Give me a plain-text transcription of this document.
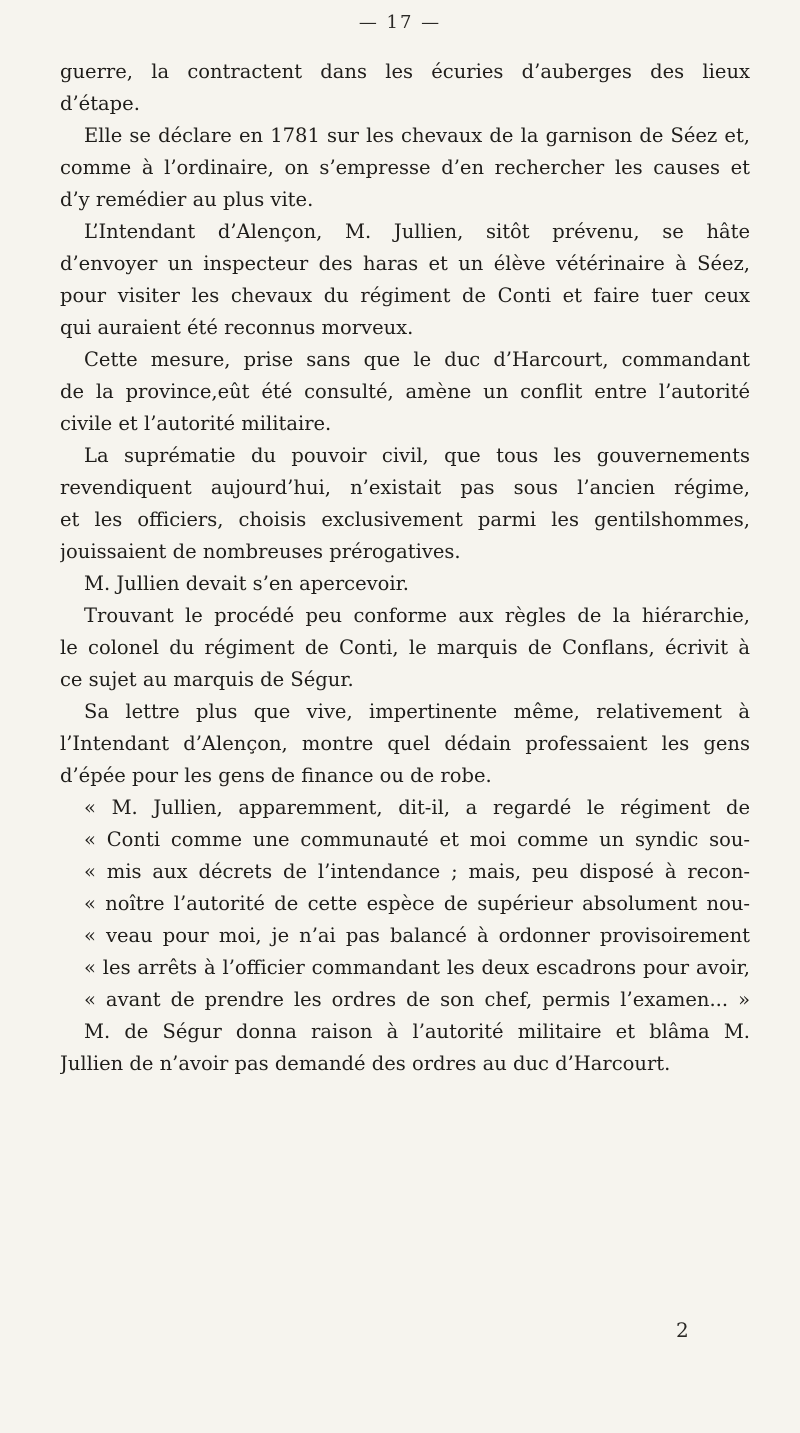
— 17 —
guerre, la contractent dans les écuries d’auberges des lieux
d’étape.
Elle se déclare en 1781 sur les chevaux de la garnison de Séez et,
comme à l’ordinaire, on s’empresse d’en rechercher les causes et
d’y remédier au plus vite.
L’Intendant d’Alençon, M. Jullien, sitôt prévenu, se hâte
d’envoyer un inspecteur des haras et un élève vétérinaire à Séez,
pour visiter les chevaux du régiment de Conti et faire tuer ceux
qui auraient été reconnus morveux.
Cette mesure, prise sans que le duc d’Harcourt, commandant
de la province,eût été consulté, amène un conflit entre l’autorité
civile et l’autorité militaire.
La suprématie du pouvoir civil, que tous les gouvernements
revendiquent aujourd’hui, n’existait pas sous l’ancien régime,
et les officiers, choisis exclusivement parmi les gentilshommes,
jouissaient de nombreuses prérogatives.
M. Jullien devait s’en apercevoir.
Trouvant le procédé peu conforme aux règles de la hiérarchie,
le colonel du régiment de Conti, le marquis de Conflans, écrivit à
ce sujet au marquis de Ségur.
Sa lettre plus que vive, impertinente même, relativement à
l’Intendant d’Alençon, montre quel dédain professaient les gens
d’épée pour les gens de finance ou de robe.
« M. Jullien, apparemment, dit-il, a regardé le régiment de
« Conti comme une communauté et moi comme un syndic sou-
« mis aux décrets de l’intendance ; mais, peu disposé à recon-
« noître l’autorité de cette espèce de supérieur absolument nou-
« veau pour moi, je n’ai pas balancé à ordonner provisoirement
« les arrêts à l’officier commandant les deux escadrons pour avoir,
« avant de prendre les ordres de son chef, permis l’examen... »
M. de Ségur donna raison à l’autorité militaire et blâma M.
Jullien de n’avoir pas demandé des ordres au duc d’Harcourt.
2
